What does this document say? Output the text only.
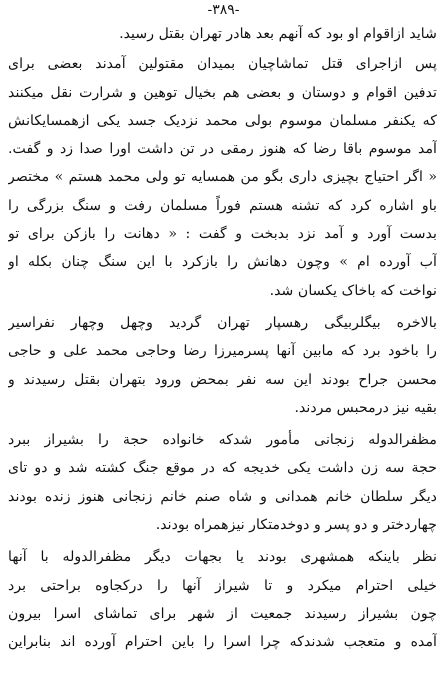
-۳۸۹-
شاید ازاقوام او بود که آنهم بعد هادر تهران بقتل رسید.
پس ازاجرای قتل تماشاچیان بمیدان مقتولین آمدند بعضی برای
تدفین اقوام و دوستان و بعضی هم بخیال توهین و شرارت نقل میکنند
که یکنفر مسلمان موسوم بولی محمد نزدیک جسد یکی ازهمسایکانش
آمد موسوم باقا رضا که هنوز رمقی در تن داشت اورا صدا زد و گفت.
« اگر احتیاج بچیزی داری بگو من همسایه تو ولی محمد هستم » مختصر
باو اشاره کرد که تشنه هستم فوراً مسلمان رفت و سنگ بزرگی را
بدست آورد و آمد نزد بدبخت و گفت : « دهانت را بازکن برای تو
آب آورده ام » وچون دهانش را بازکرد با این سنگ چنان بکله او
نواخت که باخاک یکسان شد.
بالاخره بیگلربیگی رهسپار تهران گردید وچهل وچهار نفراسیر
را باخود برد که مابین آنها پسرمیرزا رضا وحاجی محمد علی و حاجی
محسن جراح بودند این سه نفر بمحض ورود بتهران بقتل رسیدند و
بقیه نیز درمحبس مردند.
مظفرالدوله زنجانی مأمور شدکه خانواده حجة را بشیراز ببرد
حجة سه زن داشت یکی خدیجه که در موقع جنگ کشته شد و دو تای
دیگر سلطان خانم همدانی و شاه صنم خانم زنجانی هنوز زنده بودند
چهاردختر و دو پسر و دوخدمتکار نیزهمراه بودند.
نظر باینکه همشهری بودند یا بجهات دیگر مظفرالدوله با آنها
خیلی احترام میکرد و تا شیراز آنها را درکجاوه براحتی برد
چون بشیراز رسیدند جمعیت از شهر برای تماشای اسرا بیرون
آمده و متعجب شدندکه چرا اسرا را باین احترام آورده اند بنابراین
